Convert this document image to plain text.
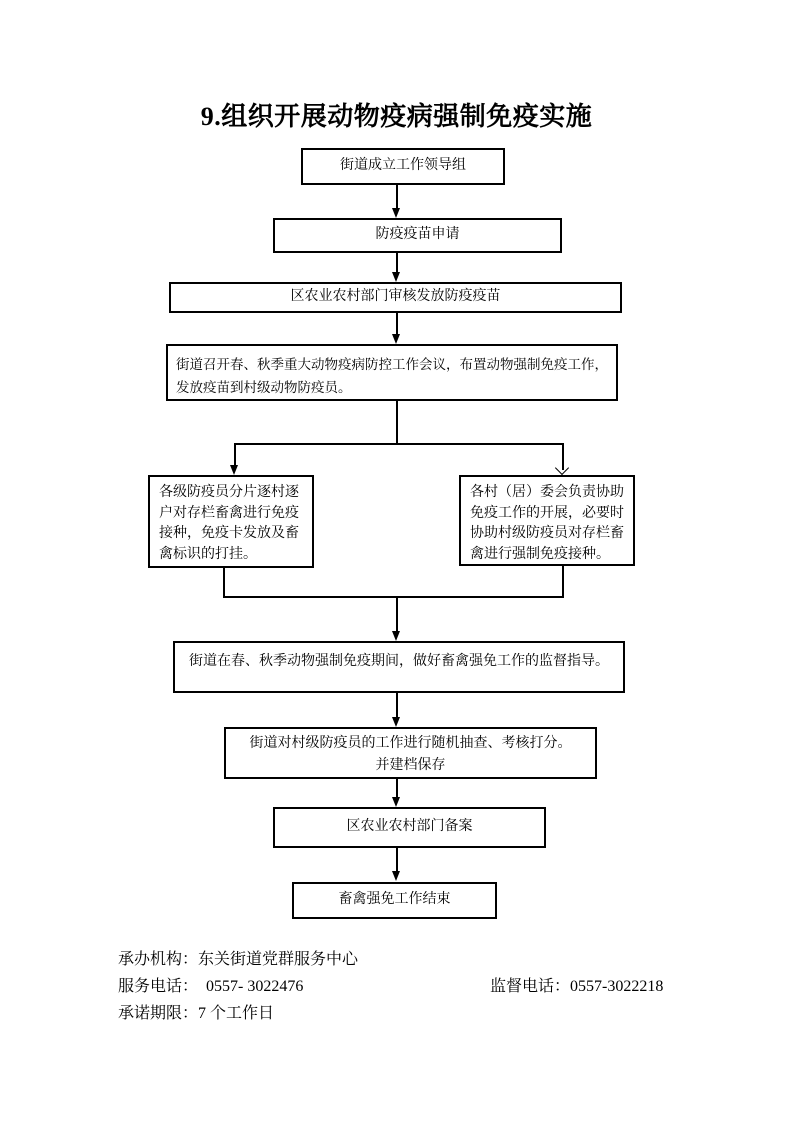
9.组织开展动物疫病强制免疫实施
街道成立工作领导组
防疫疫苗申请
区农业农村部门审核发放防疫疫苗
街道召开春、秋季重大动物疫病防控工作会议，布置动物强制免疫工作，发放疫苗到村级动物防疫员。
各级防疫员分片逐村逐户对存栏畜禽进行免疫接种，免疫卡发放及畜禽标识的打挂。
各村（居）委会负责协助免疫工作的开展，必要时协助村级防疫员对存栏畜禽进行强制免疫接种。
街道在春、秋季动物强制免疫期间，做好畜禽强免工作的监督指导。
街道对村级防疫员的工作进行随机抽查、考核打分。
并建档保存
区农业农村部门备案
畜禽强免工作结束
承办机构：东关街道党群服务中心
服务电话：  0557- 3022476	监督电话：0557-3022218
承诺期限：7 个工作日
